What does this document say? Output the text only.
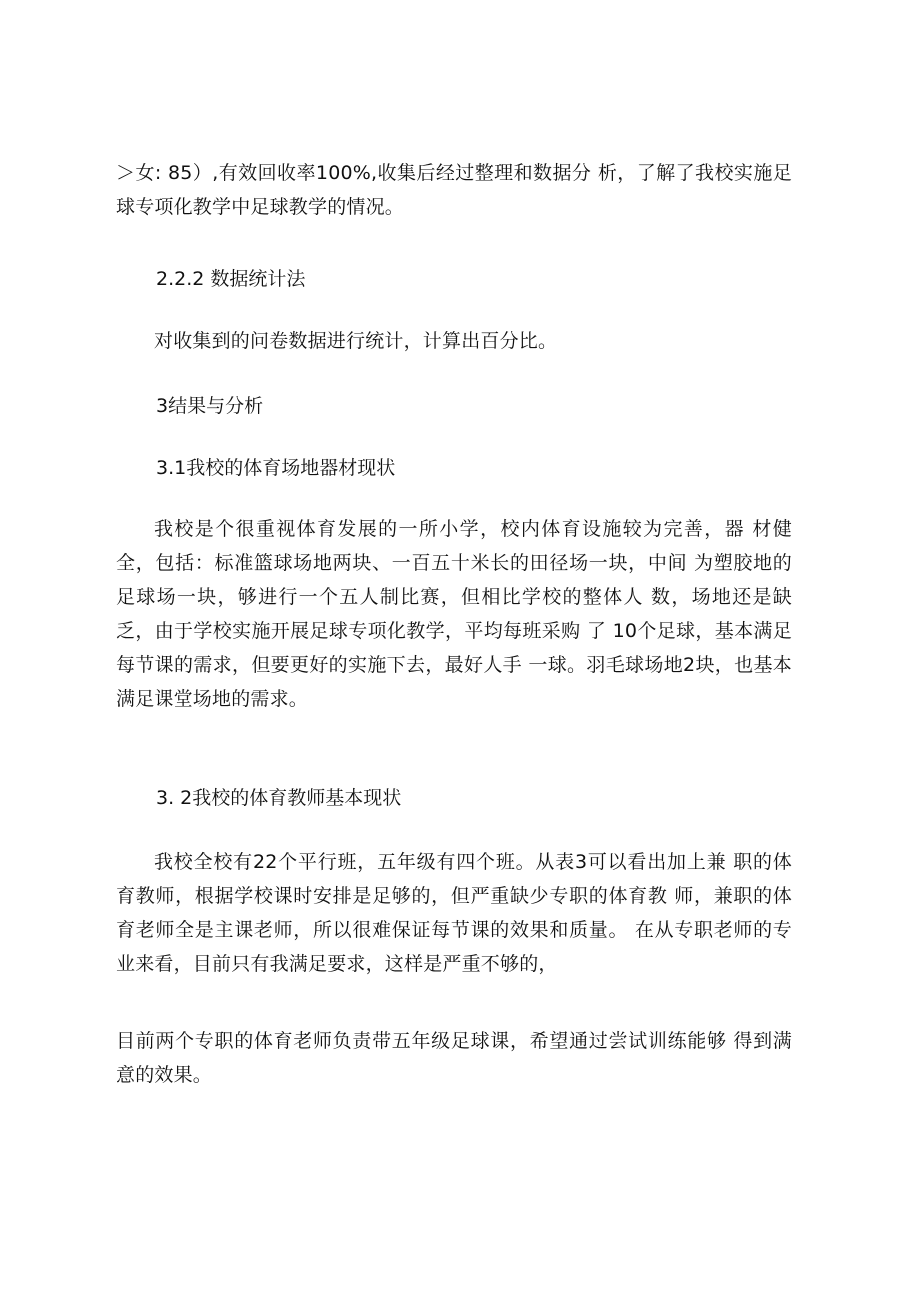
＞女: 85）,有效回收率100%,收集后经过整理和数据分 析，了解了我校实施足球专项化教学中足球教学的情况。

2.2.2 数据统计法

对收集到的问卷数据进行统计，计算出百分比。

3结果与分析

3.1我校的体育场地器材现状

我校是个很重视体育发展的一所小学，校内体育设施较为完善，器 材健全，包括：标准篮球场地两块、一百五十米长的田径场一块，中间 为塑胶地的足球场一块，够进行一个五人制比赛，但相比学校的整体人 数，场地还是缺乏，由于学校实施开展足球专项化教学，平均每班采购 了 10个足球，基本满足每节课的需求，但要更好的实施下去，最好人手 一球。羽毛球场地2块，也基本满足课堂场地的需求。

3. 2我校的体育教师基本现状

我校全校有22个平行班，五年级有四个班。从表3可以看出加上兼 职的体育教师，根据学校课时安排是足够的，但严重缺少专职的体育教 师，兼职的体育老师全是主课老师，所以很难保证每节课的效果和质量。 在从专职老师的专业来看，目前只有我满足要求，这样是严重不够的，

目前两个专职的体育老师负责带五年级足球课，希望通过尝试训练能够 得到满意的效果。
